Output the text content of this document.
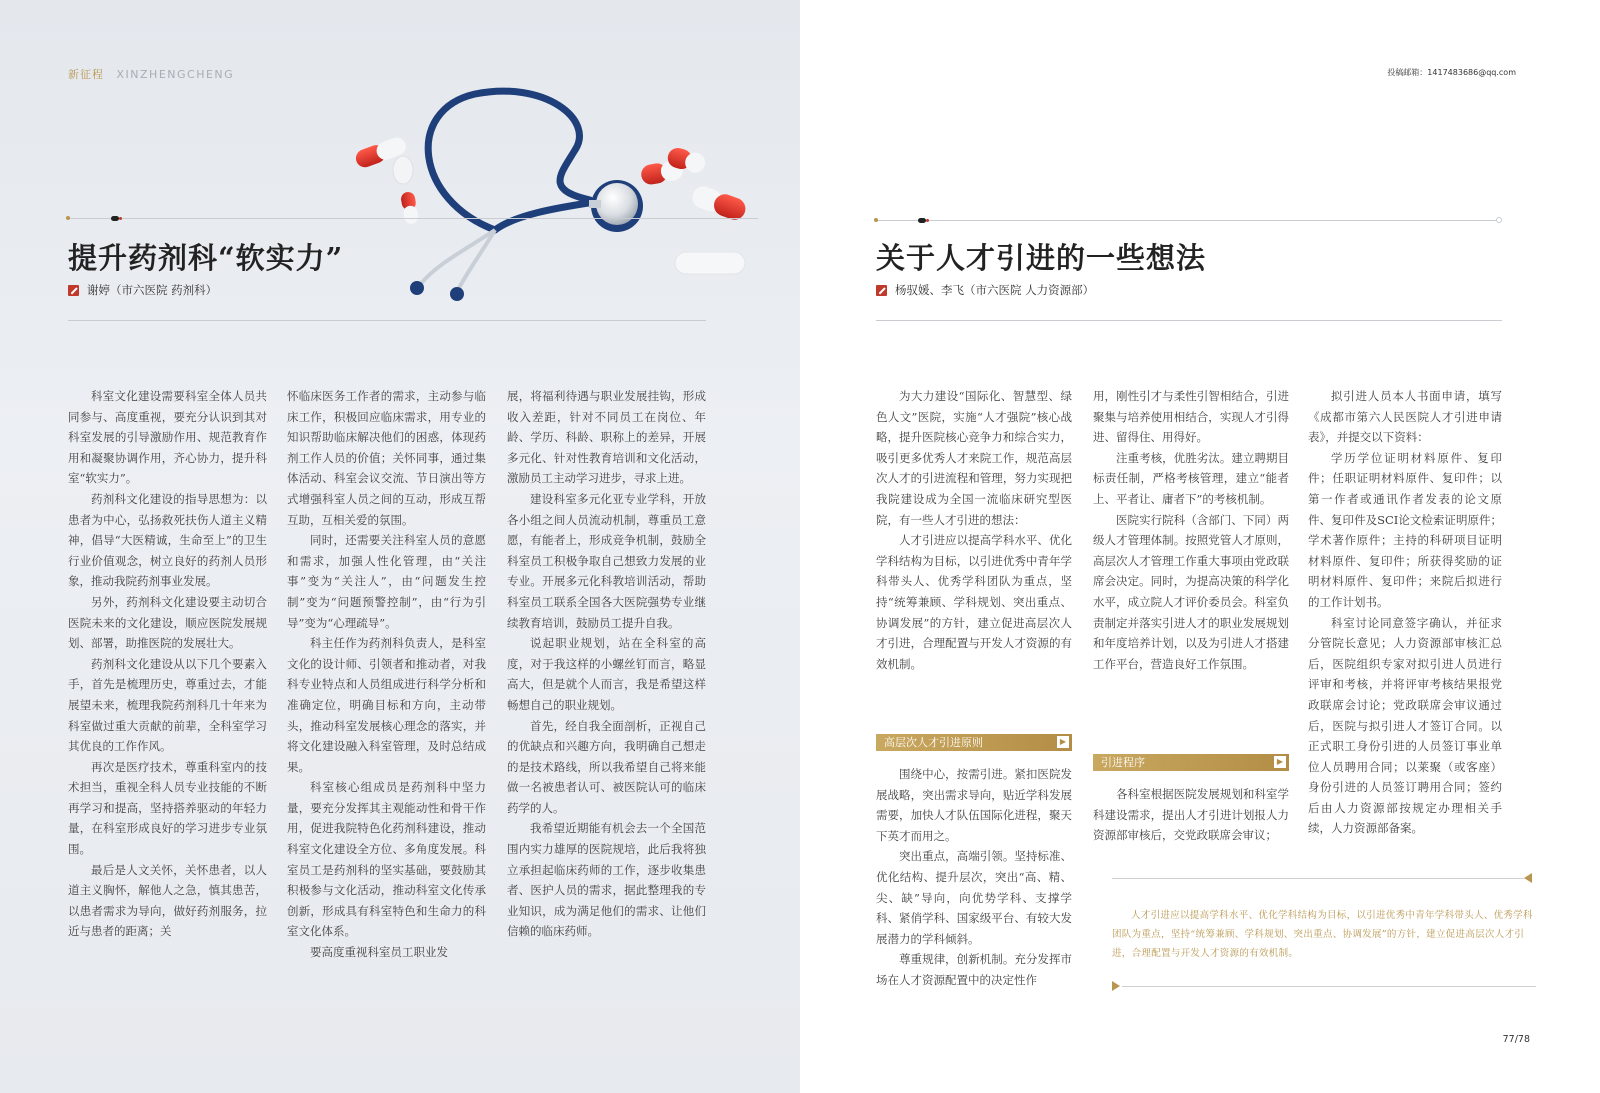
新征程 XINZHENGCHENG
提升药剂科“软实力”
谢婷（市六医院 药剂科）

科室文化建设需要科室全体人员共同参与、高度重视，要充分认识到其对科室发展的引导激励作用、规范教育作用和凝聚协调作用，齐心协力，提升科室“软实力”。

药剂科文化建设的指导思想为：以患者为中心，弘扬救死扶伤人道主义精神，倡导“大医精诚，生命至上”的卫生行业价值观念，树立良好的药剂人员形象，推动我院药剂事业发展。

另外，药剂科文化建设要主动切合医院未来的文化建设，顺应医院发展规划、部署，助推医院的发展壮大。

药剂科文化建设从以下几个要素入手，首先是梳理历史，尊重过去，才能展望未来，梳理我院药剂科几十年来为科室做过重大贡献的前辈，全科室学习其优良的工作作风。

再次是医疗技术，尊重科室内的技术担当，重视全科人员专业技能的不断再学习和提高，坚持搭养驱动的年轻力量，在科室形成良好的学习进步专业氛围。

最后是人文关怀，关怀患者，以人道主义胸怀，解他人之急，慎其患苦，以患者需求为导向，做好药剂服务，拉近与患者的距离；关

怀临床医务工作者的需求，主动参与临床工作，积极回应临床需求，用专业的知识帮助临床解决他们的困惑，体现药剂工作人员的价值；关怀同事，通过集体活动、科室会议交流、节日演出等方式增强科室人员之间的互动，形成互帮互助，互相关爱的氛围。

同时，还需要关注科室人员的意愿和需求，加强人性化管理，由“关注事”变为“关注人”，由“问题发生控制”变为“问题预警控制”，由“行为引导”变为“心理疏导”。

科主任作为药剂科负责人，是科室文化的设计师、引领者和推动者，对我科专业特点和人员组成进行科学分析和准确定位，明确目标和方向，主动带头，推动科室发展核心理念的落实，并将文化建设融入科室管理，及时总结成果。

科室核心组成员是药剂科中坚力量，要充分发挥其主观能动性和骨干作用，促进我院特色化药剂科建设，推动科室文化建设全方位、多角度发展。科室员工是药剂科的坚实基础，要鼓励其积极参与文化活动，推动科室文化传承创新，形成具有科室特色和生命力的科室文化体系。

要高度重视科室员工职业发

展，将福利待遇与职业发展挂钩，形成收入差距，针对不同员工在岗位、年龄、学历、科龄、职称上的差异，开展多元化、针对性教育培训和文化活动，激励员工主动学习进步，寻求上进。

建设科室多元化亚专业学科，开放各小组之间人员流动机制，尊重员工意愿，有能者上，形成竞争机制，鼓励全科室员工积极争取自己想致力发展的业专业。开展多元化科教培训活动，帮助科室员工联系全国各大医院强势专业继续教育培训，鼓励员工提升自我。

说起职业规划，站在全科室的高度，对于我这样的小螺丝钉而言，略显高大，但是就个人而言，我是希望这样畅想自己的职业规划。

首先，经自我全面剖析，正视自己的优缺点和兴趣方向，我明确自己想走的是技术路线，所以我希望自己将来能做一名被患者认可、被医院认可的临床药学的人。

我希望近期能有机会去一个全国范围内实力雄厚的医院规培，此后我将独立承担起临床药师的工作，逐步收集患者、医护人员的需求，据此整理我的专业知识，成为满足他们的需求、让他们信赖的临床药师。

投稿邮箱：1417483686@qq.com
关于人才引进的一些想法
杨驭媛、李飞（市六医院 人力资源部）

为大力建设“国际化、智慧型、绿色人文”医院，实施“人才强院”核心战略，提升医院核心竞争力和综合实力，吸引更多优秀人才来院工作，规范高层次人才的引进流程和管理，努力实现把我院建设成为全国一流临床研究型医院，有一些人才引进的想法：

人才引进应以提高学科水平、优化学科结构为目标，以引进优秀中青年学科带头人、优秀学科团队为重点，坚持“统筹兼顾、学科规划、突出重点、协调发展”的方针，建立促进高层次人才引进，合理配置与开发人才资源的有效机制。

高层次人才引进原则	▶

围绕中心，按需引进。紧扣医院发展战略，突出需求导向，贴近学科发展需要，加快人才队伍国际化进程，聚天下英才而用之。

突出重点，高端引领。坚持标准、优化结构、提升层次，突出“高、精、尖、缺”导向，向优势学科、支撑学科、紧俏学科、国家级平台、有较大发展潜力的学科倾斜。

尊重规律，创新机制。充分发挥市场在人才资源配置中的决定性作

用，刚性引才与柔性引智相结合，引进聚集与培养使用相结合，实现人才引得进、留得住、用得好。

注重考核，优胜劣汰。建立聘期目标责任制，严格考核管理，建立“能者上、平者让、庸者下”的考核机制。

医院实行院科（含部门、下同）两级人才管理体制。按照党管人才原则，高层次人才管理工作重大事项由党政联席会决定。同时，为提高决策的科学化水平，成立院人才评价委员会。科室负责制定并落实引进人才的职业发展规划和年度培养计划，以及为引进人才搭建工作平台，营造良好工作氛围。

引进程序	▶

各科室根据医院发展规划和科室学科建设需求，提出人才引进计划报人力资源部审核后，交党政联席会审议；

拟引进人员本人书面申请，填写《成都市第六人民医院人才引进申请表》，并提交以下资料：

学历学位证明材料原件、复印件；任职证明材料原件、复印件；以第一作者或通讯作者发表的论文原件、复印件及SCI论文检索证明原件；学术著作原件；主持的科研项目证明材料原件、复印件；所获得奖励的证明材料原件、复印件；来院后拟进行的工作计划书。

科室讨论同意签字确认，并征求分管院长意见；人力资源部审核汇总后，医院组织专家对拟引进人员进行评审和考核，并将评审考核结果报党政联席会讨论；党政联席会审议通过后，医院与拟引进人才签订合同。以正式职工身份引进的人员签订事业单位人员聘用合同；以莱聚（或客座）身份引进的人员签订聘用合同；签约后由人力资源部按规定办理相关手续，人力资源部备案。

77/78
人才引进应以提高学科水平、优化学科结构为目标，以引进优秀中青年学科带头人、优秀学科团队为重点，坚持“统筹兼顾、学科规划、突出重点、协调发展”的方针，建立促进高层次人才引进，合理配置与开发人才资源的有效机制。
